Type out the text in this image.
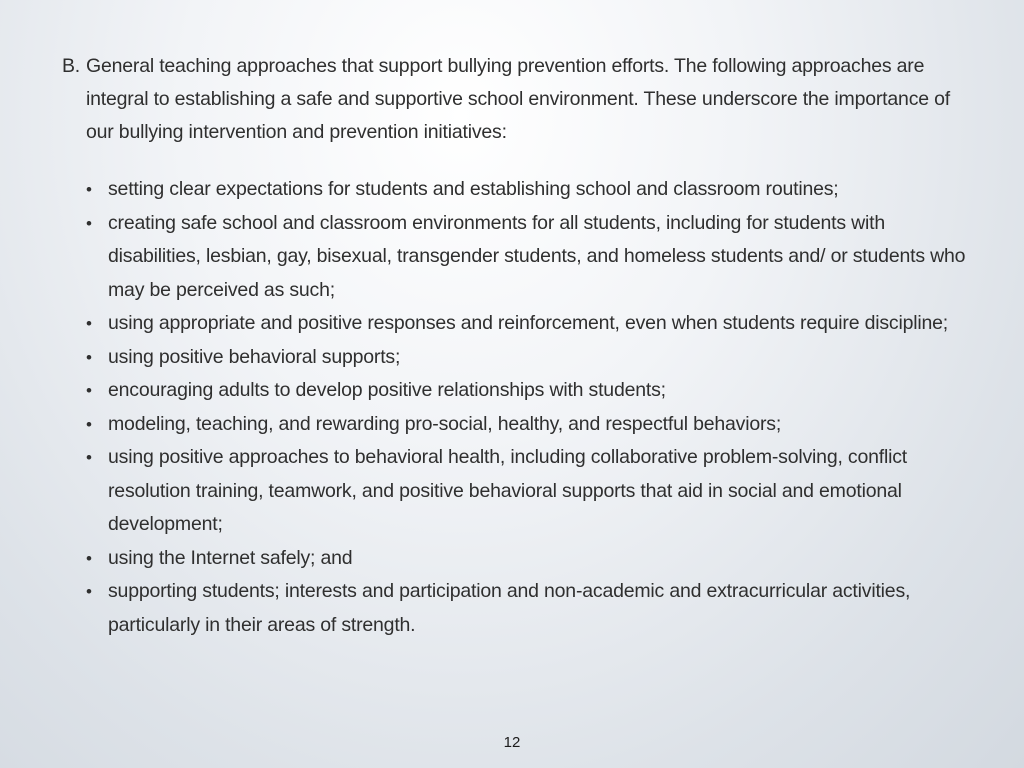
B. General teaching approaches that support bullying prevention efforts. The following approaches are integral to establishing a safe and supportive school environment. These underscore the importance of our bullying intervention and prevention initiatives:
• setting clear expectations for students and establishing school and classroom routines;
• creating safe school and classroom environments for all students, including for students with disabilities, lesbian, gay, bisexual, transgender students, and homeless students and/ or students who may be perceived as such;
• using appropriate and positive responses and reinforcement, even when students require discipline;
• using positive behavioral supports;
• encouraging adults to develop positive relationships with students;
• modeling, teaching, and rewarding pro-social, healthy, and respectful behaviors;
• using positive approaches to behavioral health, including collaborative problem-solving, conflict resolution training, teamwork, and positive behavioral supports that aid in social and emotional development;
• using the Internet safely; and
• supporting students; interests and participation and non-academic and extracurricular activities, particularly in their areas of strength.
12
